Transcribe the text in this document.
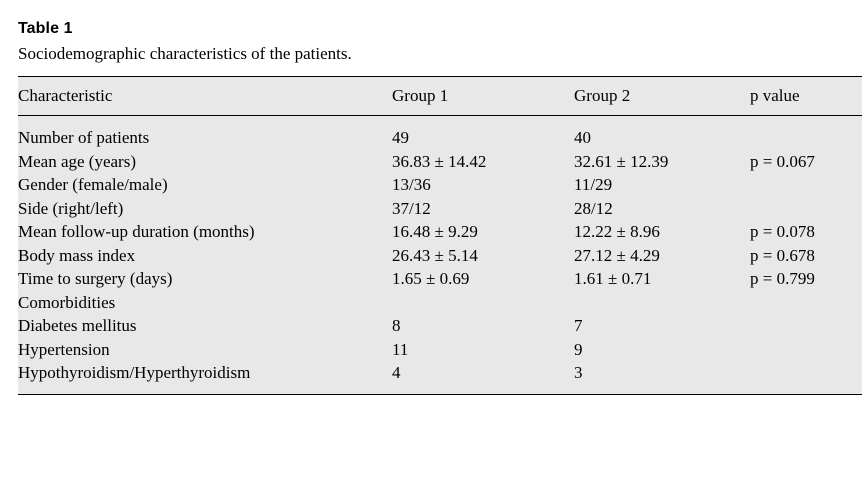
Table 1
Sociodemographic characteristics of the patients.
Characteristic	Group 1	Group 2	p value
Number of patients	49	40	
Mean age (years)	36.83 ± 14.42	32.61 ± 12.39	p = 0.067
Gender (female/male)	13/36	11/29	
Side (right/left)	37/12	28/12	
Mean follow-up duration (months)	16.48 ± 9.29	12.22 ± 8.96	p = 0.078
Body mass index	26.43 ± 5.14	27.12 ± 4.29	p = 0.678
Time to surgery (days)	1.65 ± 0.69	1.61 ± 0.71	p = 0.799
Comorbidities			
Diabetes mellitus	8	7	
Hypertension	11	9	
Hypothyroidism/Hyperthyroidism	4	3	
